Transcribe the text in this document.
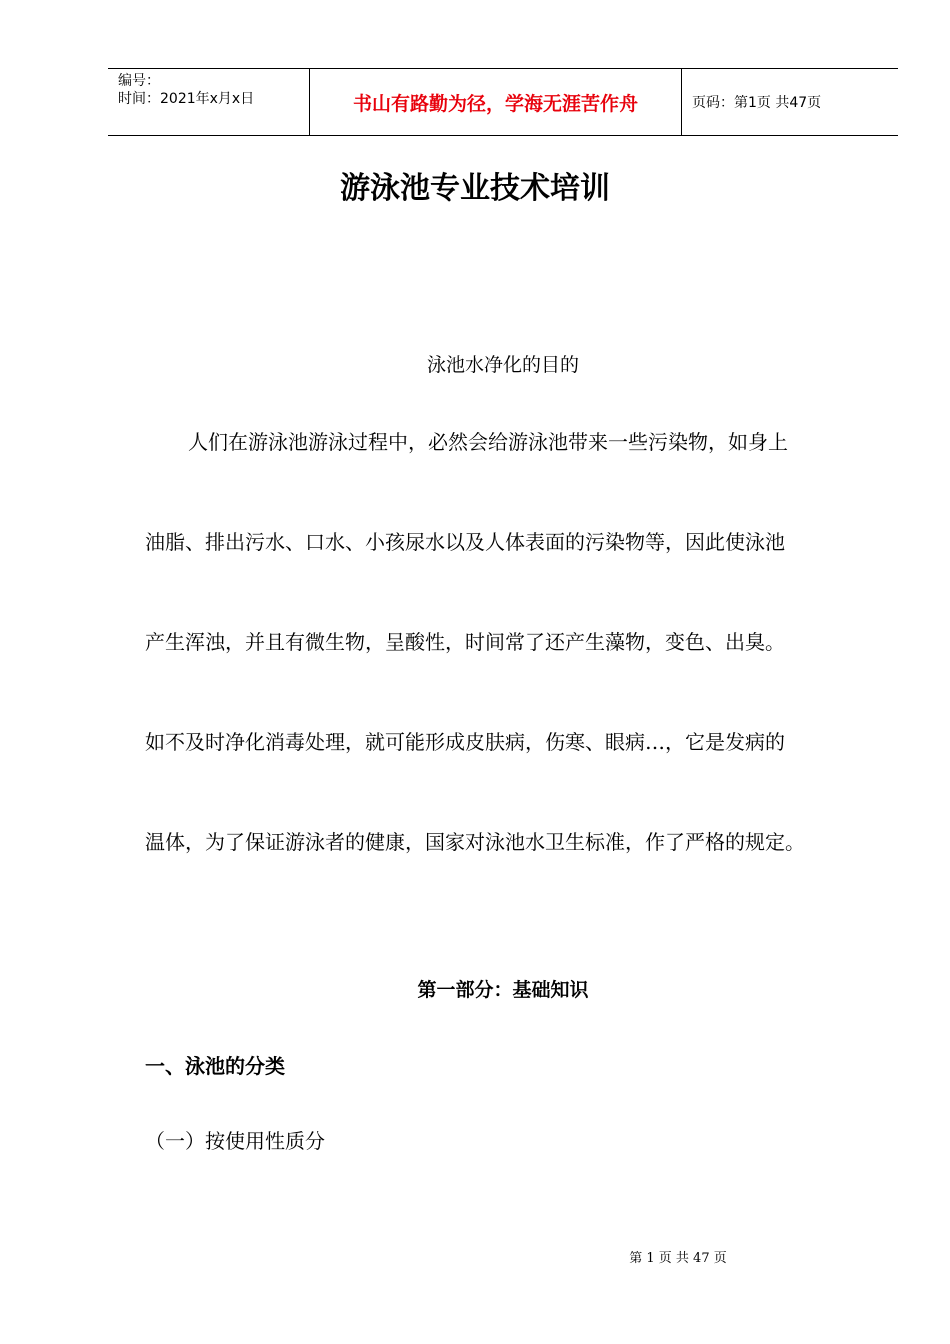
编号：
时间：2021年x月x日	书山有路勤为径，学海无涯苦作舟	页码：第1页 共47页
游泳池专业技术培训
泳池水净化的目的
人们在游泳池游泳过程中，必然会给游泳池带来一些污染物，如身上
油脂、排出污水、口水、小孩尿水以及人体表面的污染物等，因此使泳池
产生浑浊，并且有微生物，呈酸性，时间常了还产生藻物，变色、出臭。
如不及时净化消毒处理，就可能形成皮肤病，伤寒、眼病…，它是发病的
温体，为了保证游泳者的健康，国家对泳池水卫生标准，作了严格的规定。
第一部分：基础知识
一、泳池的分类
（一）按使用性质分
第 1 页 共 47 页
